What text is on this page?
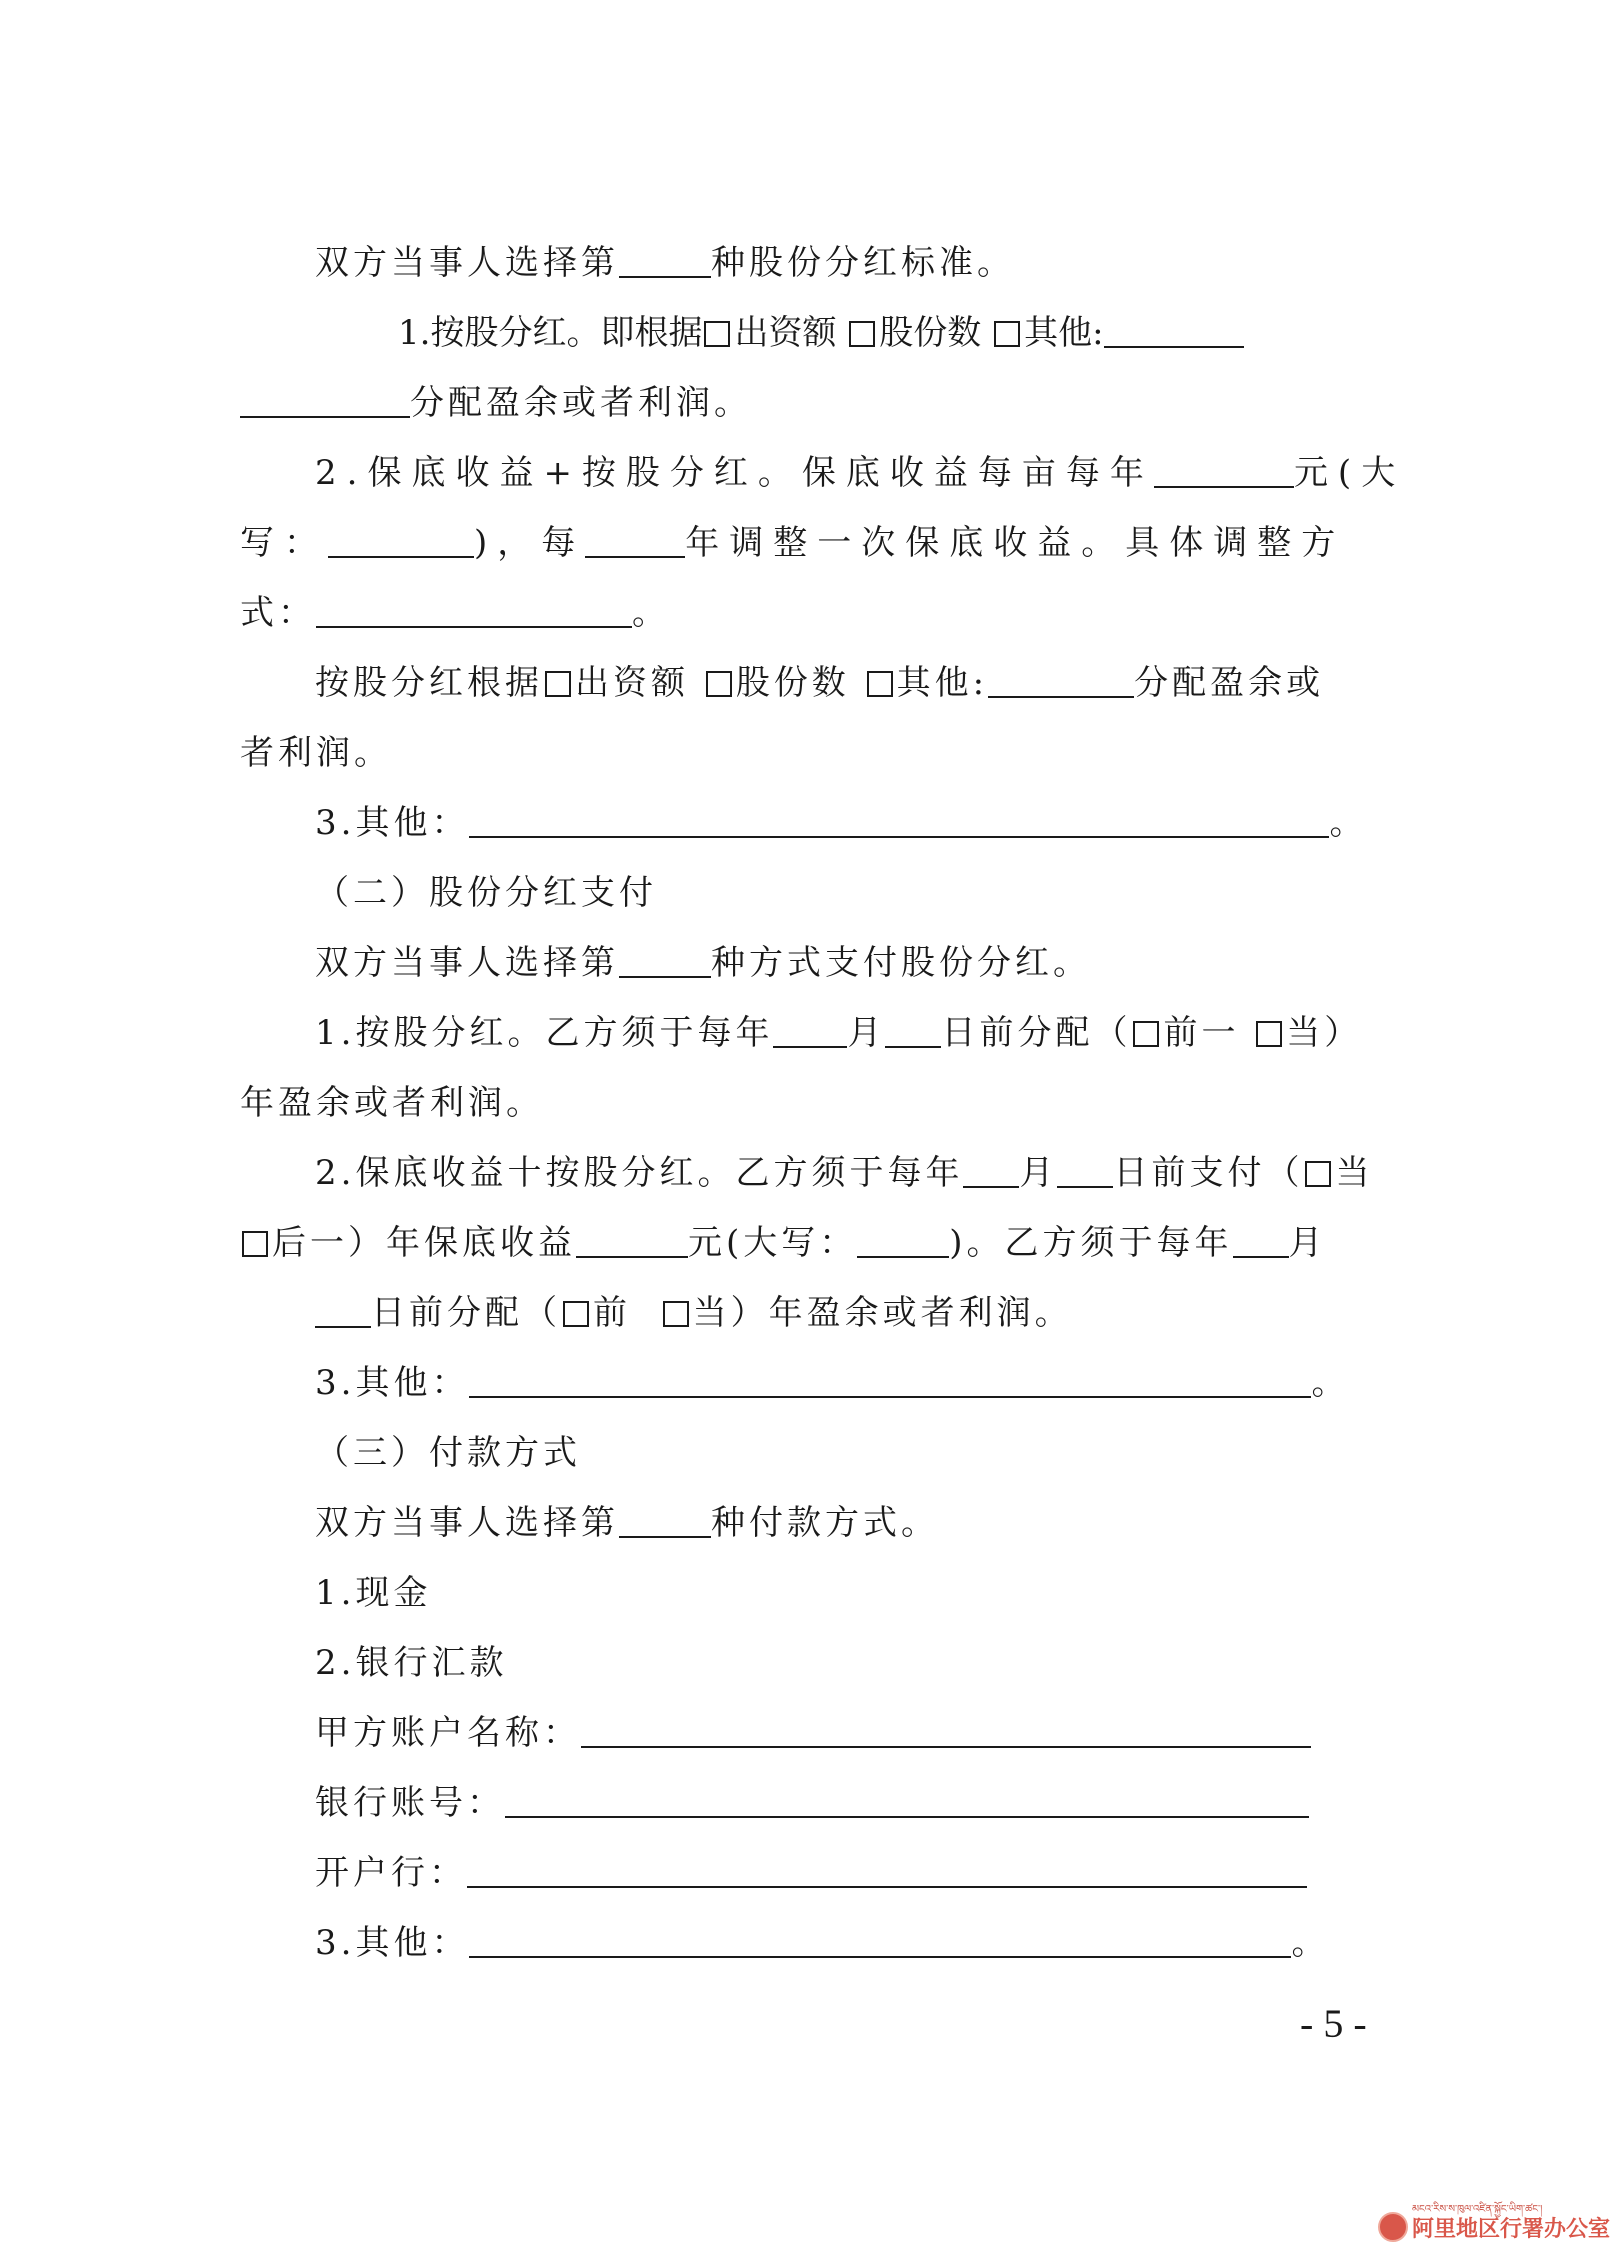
双方当事人选择第	种股份分红标准。
1.按股分红。即根据 出资额 股份数 其他:
分配盈余或者利润。
2.保底收益+按股分红。保底收益每亩每年	元(大
写：	)，每	年调整一次保底收益。具体调整方
式：	。
按股分红根据 出资额 股份数 其他:	分配盈余或
者利润。
3.其他：	。
（二）股份分红支付
双方当事人选择第	种方式支付股份分红。
1.按股分红。乙方须于每年 月 日前分配（ 前一 当）
年盈余或者利润。
2.保底收益十按股分红。乙方须于每年 月 日前支付（ 当
后一）年保底收益	元(大写：	)。乙方须于每年 月
日前分配（ 前 当）年盈余或者利润。
3.其他：	。
（三）付款方式
双方当事人选择第	种付款方式。
1.现金
2.银行汇款
甲方账户名称：
银行账号：
开户行：
3.其他：	。
- 5 -
མངའ་རིས་ས་ཁུལ་འཛིན་སྐྱོང་ཡིག་ཚང་།
阿里地区行署办公室
